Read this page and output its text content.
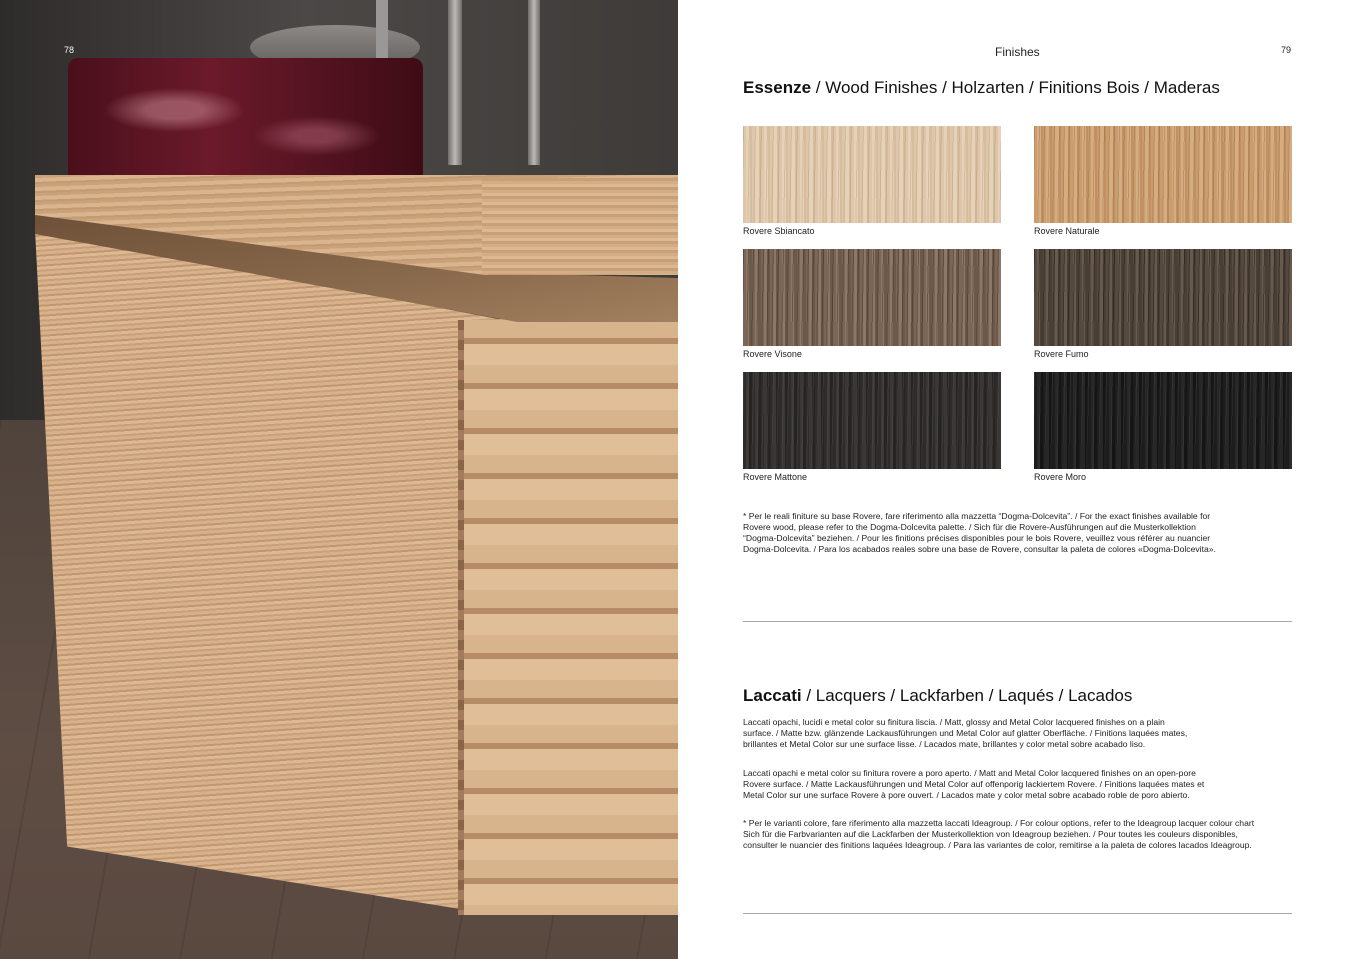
78	Finishes	79
Essenze / Wood Finishes / Holzarten / Finitions Bois / Maderas
Rovere Sbiancato	Rovere Naturale
Rovere Visone	Rovere Fumo
Rovere Mattone	Rovere Moro

* Per le reali finiture su base Rovere, fare riferimento alla mazzetta “Dogma-Dolcevita”. / For the exact finishes available for
Rovere wood, please refer to the Dogma-Dolcevita palette. / Sich für die Rovere-Ausführungen auf die Musterkollektion
“Dogma-Dolcevita” beziehen. / Pour les finitions précises disponibles pour le bois Rovere, veuillez vous référer au nuancier
Dogma-Dolcevita. / Para los acabados reales sobre una base de Rovere, consultar la paleta de colores «Dogma-Dolcevita».

Laccati / Lacquers / Lackfarben / Laqués / Lacados

Laccati opachi, lucidi e metal color su finitura liscia. / Matt, glossy and Metal Color lacquered finishes on a plain
surface. / Matte bzw. glänzende Lackausführungen und Metal Color auf glatter Oberfläche. / Finitions laquées mates,
brillantes et Metal Color sur une surface lisse. / Lacados mate, brillantes y color metal sobre acabado liso.

Laccati opachi e metal color su finitura rovere a poro aperto. / Matt and Metal Color lacquered finishes on an open-pore
Rovere surface. / Matte Lackausführungen und Metal Color auf offenporig lackiertem Rovere. / Finitions laquées mates et
Metal Color sur une surface Rovere à pore ouvert. / Lacados mate y color metal sobre acabado roble de poro abierto.

* Per le varianti colore, fare riferimento alla mazzetta laccati Ideagroup. / For colour options, refer to the Ideagroup lacquer colour chart
Sich für die Farbvarianten auf die Lackfarben der Musterkollektion von Ideagroup beziehen. / Pour toutes les couleurs disponibles,
consulter le nuancier des finitions laquées Ideagroup. / Para las variantes de color, remitirse a la paleta de colores lacados Ideagroup.
